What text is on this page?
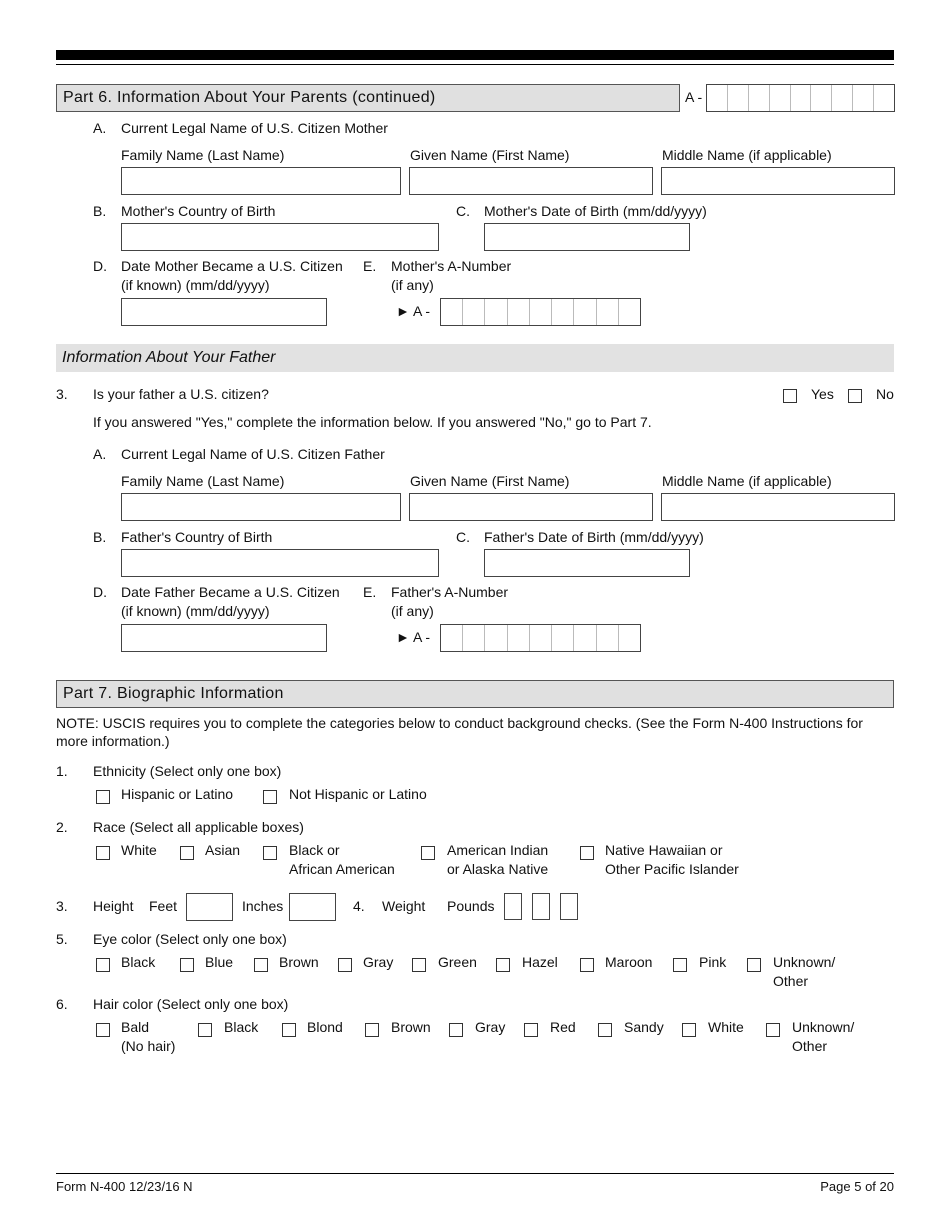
Part 6. Information About Your Parents (continued)	A -
A. Current Legal Name of U.S. Citizen Mother
Family Name (Last Name)	Given Name (First Name)	Middle Name (if applicable)
B. Mother's Country of Birth	C. Mother's Date of Birth (mm/dd/yyyy)
D. Date Mother Became a U.S. Citizen
(if known) (mm/dd/yyyy)
E. Mother's A-Number
(if any)
► A -
Information About Your Father
3. Is your father a U.S. citizen?	Yes	No
If you answered "Yes," complete the information below. If you answered "No," go to Part 7.
A. Current Legal Name of U.S. Citizen Father
Family Name (Last Name)	Given Name (First Name)	Middle Name (if applicable)
B. Father's Country of Birth	C. Father's Date of Birth (mm/dd/yyyy)
D. Date Father Became a U.S. Citizen
(if known) (mm/dd/yyyy)
E. Father's A-Number
(if any)
► A -
Part 7. Biographic Information
NOTE: USCIS requires you to complete the categories below to conduct background checks. (See the Form N-400 Instructions for
more information.)
1. Ethnicity (Select only one box)
Hispanic or Latino	Not Hispanic or Latino
2. Race (Select all applicable boxes)
White	Asian	Black or
African American
American Indian
or Alaska Native
Native Hawaiian or
Other Pacific Islander
3. Height Feet	Inches	4. Weight Pounds
5. Eye color (Select only one box)
Black	Blue	Brown	Gray	Green	Hazel	Maroon	Pink	Unknown/
Other
6. Hair color (Select only one box)
Bald
(No hair)
Black	Blond	Brown	Gray	Red	Sandy	White	Unknown/
Other
Form N-400 12/23/16 N	Page 5 of 20
